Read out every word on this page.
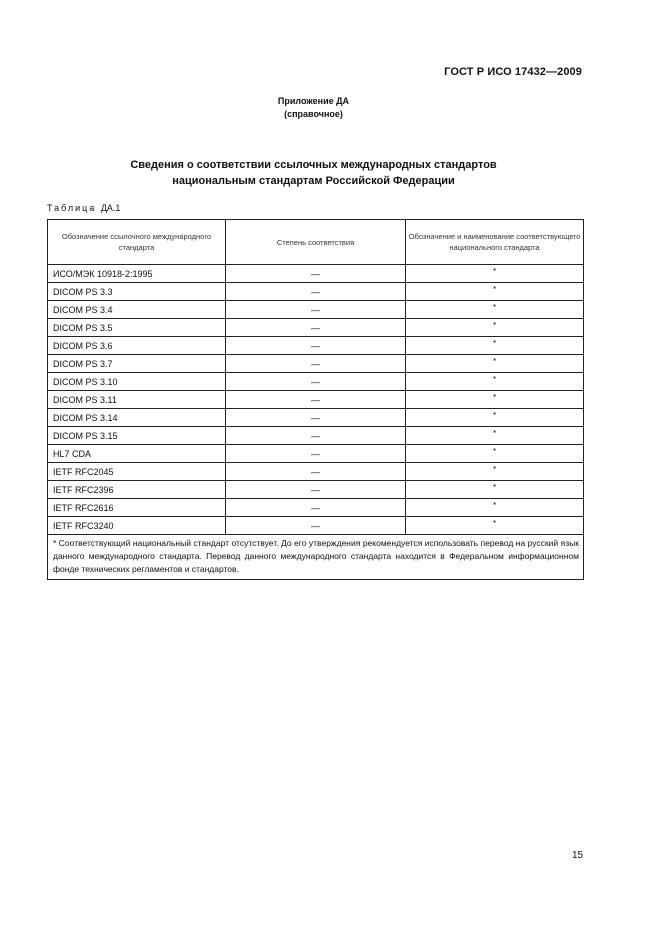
ГОСТ Р ИСО 17432—2009
Приложение ДА
(справочное)
Сведения о соответствии ссылочных международных стандартов
национальным стандартам Российской Федерации
Таблица ДА.1
Обозначение ссылочного международного стандарта	Степень соответствия	Обозначение и наименование соответствующего национального стандарта
ИСО/МЭК 10918-2:1995	—	*
DICOM PS 3.3	—	*
DICOM PS 3.4	—	*
DICOM PS 3.5	—	*
DICOM PS 3.6	—	*
DICOM PS 3.7	—	*
DICOM PS 3.10	—	*
DICOM PS 3.11	—	*
DICOM PS 3.14	—	*
DICOM PS 3.15	—	*
HL7 CDA	—	*
IETF RFC2045	—	*
IETF RFC2396	—	*
IETF RFC2616	—	*
IETF RFC3240	—	*
* Соответствующий национальный стандарт отсутствует. До его утверждения рекомендуется использовать перевод на русский язык данного международного стандарта. Перевод данного международного стандарта находится в Федеральном информационном фонде технических регламентов и стандартов.		
15
